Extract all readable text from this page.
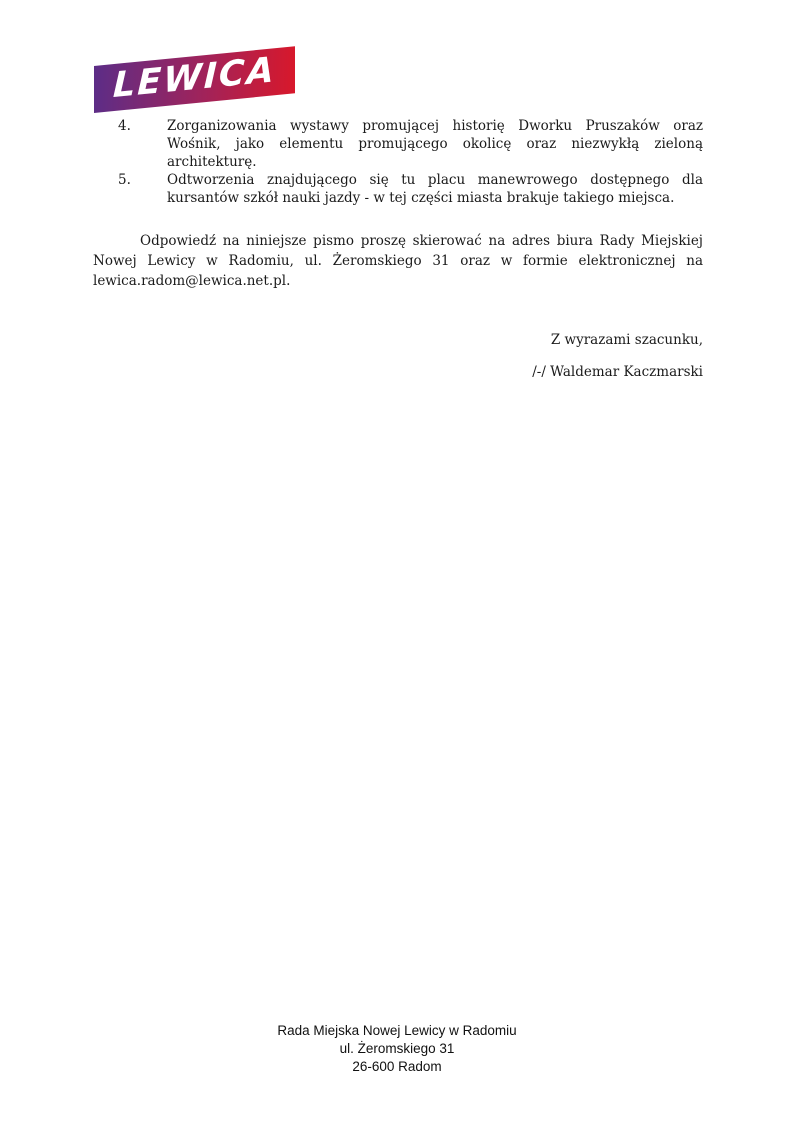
LEWICA
4.	Zorganizowania wystawy promującej historię Dworku Pruszaków oraz Wośnik, jako elementu promującego okolicę oraz niezwykłą zieloną architekturę.
5.	Odtworzenia znajdującego się tu placu manewrowego dostępnego dla kursantów szkół nauki jazdy - w tej części miasta brakuje takiego miejsca.

Odpowiedź na niniejsze pismo proszę skierować na adres biura Rady Miejskiej Nowej Lewicy w Radomiu, ul. Żeromskiego 31 oraz w formie elektronicznej na lewica.radom@lewica.net.pl.

Z wyrazami szacunku,
/-/ Waldemar Kaczmarski
Rada Miejska Nowej Lewicy w Radomiu
ul. Żeromskiego 31
26-600 Radom
